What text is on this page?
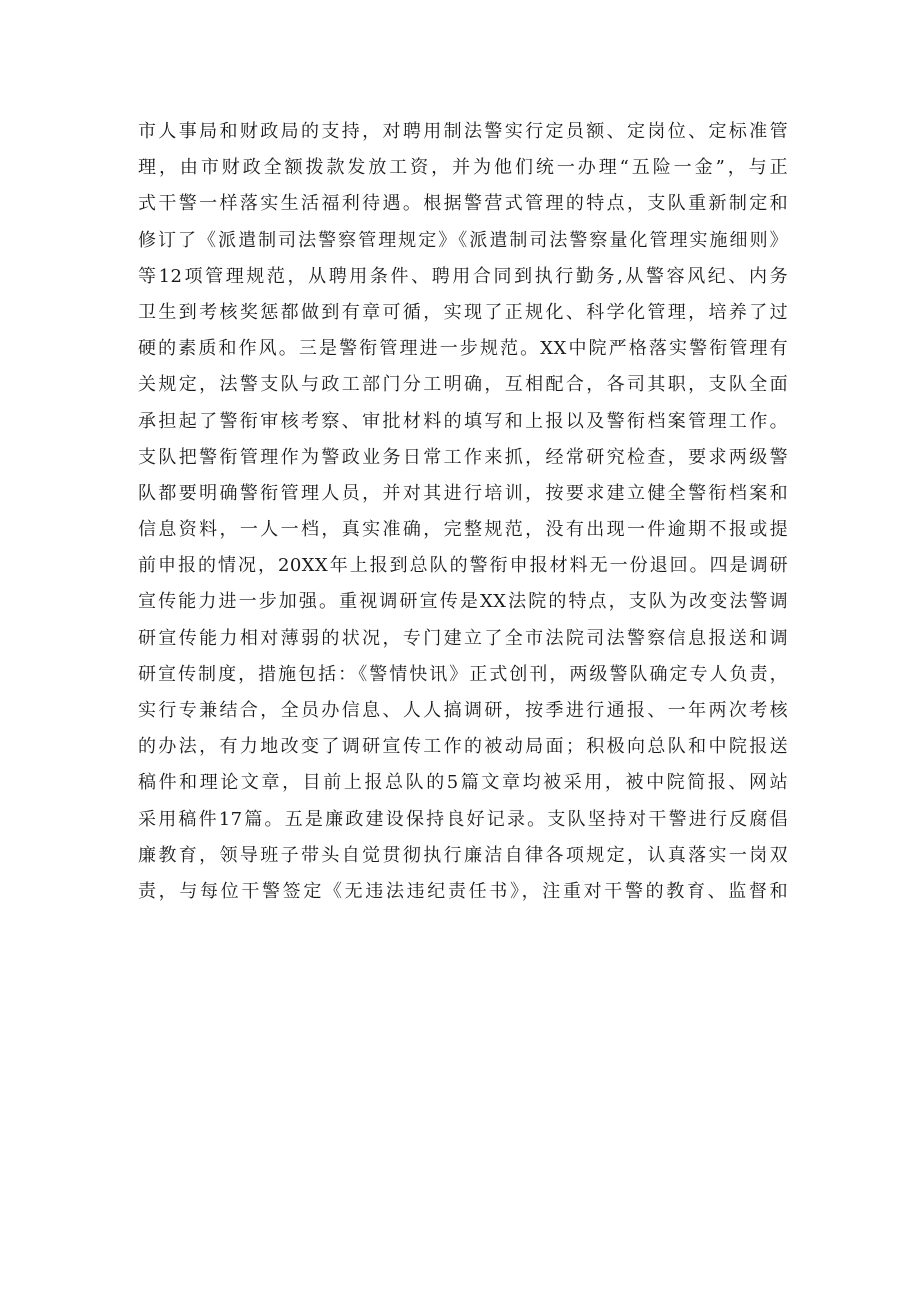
市人事局和财政局的支持，对聘用制法警实行定员额、定岗位、定标准管
理，由市财政全额拨款发放工资，并为他们统一办理“五险一金”，与正
式干警一样落实生活福利待遇。根据警营式管理的特点，支队重新制定和
修订了《派遣制司法警察管理规定》《派遣制司法警察量化管理实施细则》
等12项管理规范，从聘用条件、聘用合同到执行勤务,从警容风纪、内务
卫生到考核奖惩都做到有章可循，实现了正规化、科学化管理，培养了过
硬的素质和作风。三是警衔管理进一步规范。XX中院严格落实警衔管理有
关规定，法警支队与政工部门分工明确，互相配合，各司其职，支队全面
承担起了警衔审核考察、审批材料的填写和上报以及警衔档案管理工作。
支队把警衔管理作为警政业务日常工作来抓，经常研究检查，要求两级警
队都要明确警衔管理人员，并对其进行培训，按要求建立健全警衔档案和
信息资料，一人一档，真实准确，完整规范，没有出现一件逾期不报或提
前申报的情况，20XX年上报到总队的警衔申报材料无一份退回。四是调研
宣传能力进一步加强。重视调研宣传是XX法院的特点，支队为改变法警调
研宣传能力相对薄弱的状况，专门建立了全市法院司法警察信息报送和调
研宣传制度，措施包括：《警情快讯》正式创刊，两级警队确定专人负责，
实行专兼结合，全员办信息、人人搞调研，按季进行通报、一年两次考核
的办法，有力地改变了调研宣传工作的被动局面；积极向总队和中院报送
稿件和理论文章，目前上报总队的5篇文章均被采用，被中院简报、网站
采用稿件17篇。五是廉政建设保持良好记录。支队坚持对干警进行反腐倡
廉教育，领导班子带头自觉贯彻执行廉洁自律各项规定，认真落实一岗双
责，与每位干警签定《无违法违纪责任书》，注重对干警的教育、监督和
